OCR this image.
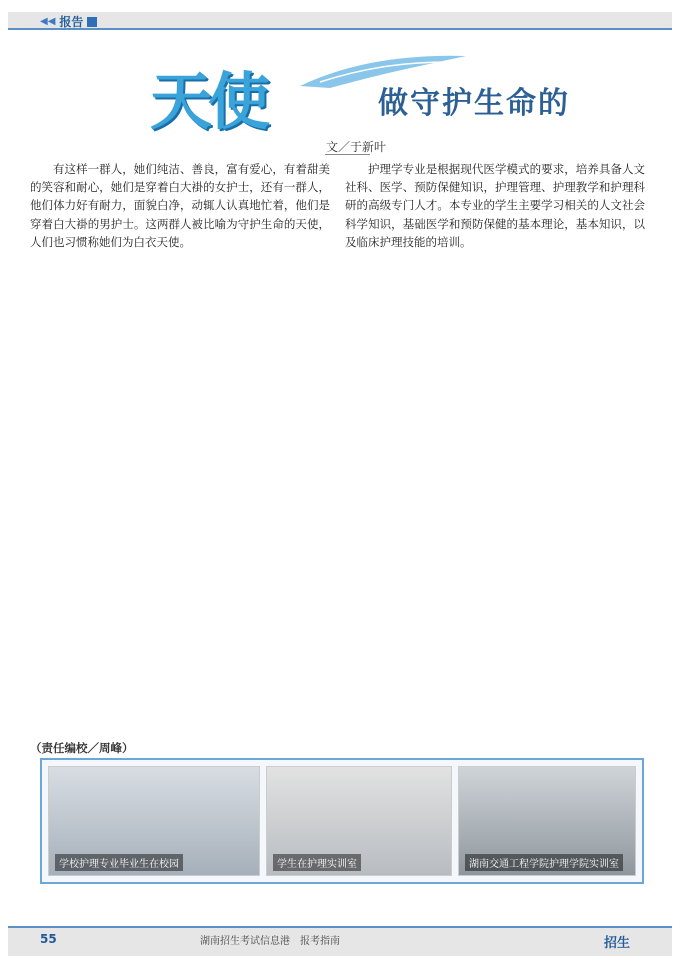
◀◀ 报告
天使	做守护生命的
文／于新叶

有这样一群人，她们纯洁、善良，富有爱心，有着甜美的笑容和耐心，她们是穿着白大褂的女护士，还有一群人，他们体力好有耐力，面貌白净，动辄人认真地忙着，他们是穿着白大褂的男护士。这两群人被比喻为守护生命的天使，人们也习惯称她们为白衣天使。

护理学专业是根据现代医学模式的要求，培养具备人文社科、医学、预防保健知识，护理管理、护理教学和护理科研的高级专门人才。本专业的学生主要学习相关的人文社会科学知识，基础医学和预防保健的基本理论，基本知识，以及临床护理技能的培训。

（责任编校／周峰）
学校护理专业毕业生在校园	学生在护理实训室	湖南交通工程学院护理学院实训室
55	湖南招生考试信息港　报考指南	招生
